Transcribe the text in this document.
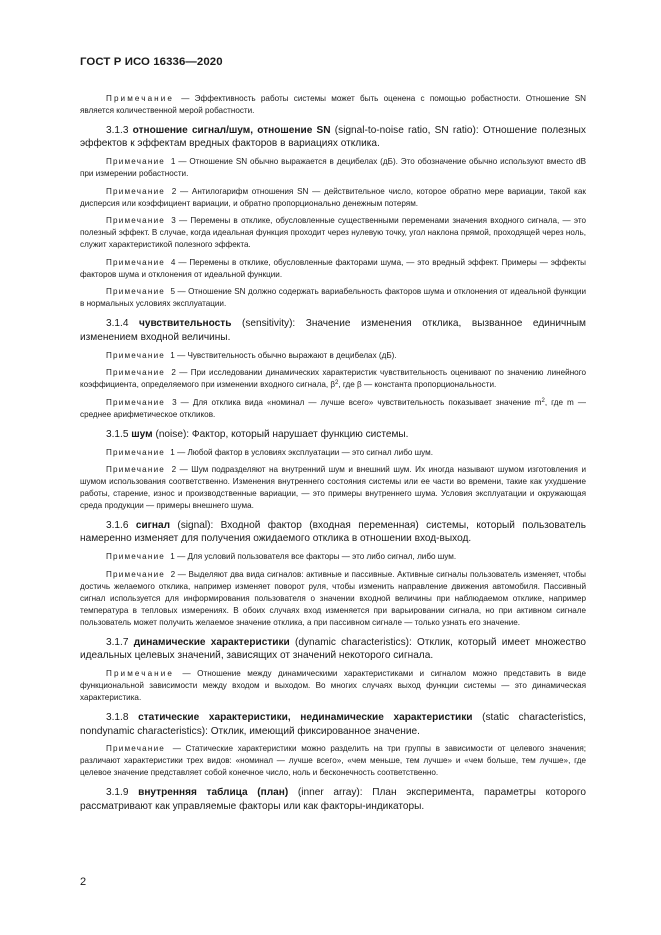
ГОСТ Р ИСО 16336—2020

Примечание — Эффективность работы системы может быть оценена с помощью робастности. Отношение SN является количественной мерой робастности.

3.1.3 отношение сигнал/шум, отношение SN (signal-to-noise ratio, SN ratio): Отношение полезных эффектов к эффектам вредных факторов в вариациях отклика.

Примечание 1 — Отношение SN обычно выражается в децибелах (дБ). Это обозначение обычно используют вместо dB при измерении робастности.

Примечание 2 — Антилогарифм отношения SN — действительное число, которое обратно мере вариации, такой как дисперсия или коэффициент вариации, и обратно пропорционально денежным потерям.

Примечание 3 — Перемены в отклике, обусловленные существенными переменами значения входного сигнала, — это полезный эффект. В случае, когда идеальная функция проходит через нулевую точку, угол наклона прямой, проходящей через ноль, служит характеристикой полезного эффекта.

Примечание 4 — Перемены в отклике, обусловленные факторами шума, — это вредный эффект. Примеры — эффекты факторов шума и отклонения от идеальной функции.

Примечание 5 — Отношение SN должно содержать вариабельность факторов шума и отклонения от идеальной функции в нормальных условиях эксплуатации.

3.1.4 чувствительность (sensitivity): Значение изменения отклика, вызванное единичным изменением входной величины.

Примечание 1 — Чувствительность обычно выражают в децибелах (дБ).

Примечание 2 — При исследовании динамических характеристик чувствительность оценивают по значению линейного коэффициента, определяемого при изменении входного сигнала, $\beta^2$, где β — константа пропорциональности.

Примечание 3 — Для отклика вида «номинал — лучше всего» чувствительность показывает значение $m^2$, где m — среднее арифметическое откликов.

3.1.5 шум (noise): Фактор, который нарушает функцию системы.

Примечание 1 — Любой фактор в условиях эксплуатации — это сигнал либо шум.

Примечание 2 — Шум подразделяют на внутренний шум и внешний шум. Их иногда называют шумом изготовления и шумом использования соответственно. Изменения внутреннего состояния системы или ее части во времени, такие как ухудшение работы, старение, износ и производственные вариации, — это примеры внутреннего шума. Условия эксплуатации и окружающая среда продукции — примеры внешнего шума.

3.1.6 сигнал (signal): Входной фактор (входная переменная) системы, который пользователь намеренно изменяет для получения ожидаемого отклика в отношении вход-выход.

Примечание 1 — Для условий пользователя все факторы — это либо сигнал, либо шум.

Примечание 2 — Выделяют два вида сигналов: активные и пассивные. Активные сигналы пользователь изменяет, чтобы достичь желаемого отклика, например изменяет поворот руля, чтобы изменить направление движения автомобиля. Пассивный сигнал используется для информирования пользователя о значении входной величины при наблюдаемом отклике, например температура в тепловых измерениях. В обоих случаях вход изменяется при варьировании сигнала, но при активном сигнале пользователь может получить желаемое значение отклика, а при пассивном сигнале — только узнать его значение.

3.1.7 динамические характеристики (dynamic characteristics): Отклик, который имеет множество идеальных целевых значений, зависящих от значений некоторого сигнала.

Примечание — Отношение между динамическими характеристиками и сигналом можно представить в виде функциональной зависимости между входом и выходом. Во многих случаях выход функции системы — это динамическая характеристика.

3.1.8 статические характеристики, нединамические характеристики (static characteristics, nondynamic characteristics): Отклик, имеющий фиксированное значение.

Примечание — Статические характеристики можно разделить на три группы в зависимости от целевого значения; различают характеристики трех видов: «номинал — лучше всего», «чем меньше, тем лучше» и «чем больше, тем лучше», где целевое значение представляет собой конечное число, ноль и бесконечность соответственно.

3.1.9 внутренняя таблица (план) (inner array): План эксперимента, параметры которого рассматривают как управляемые факторы или как факторы-индикаторы.

2
